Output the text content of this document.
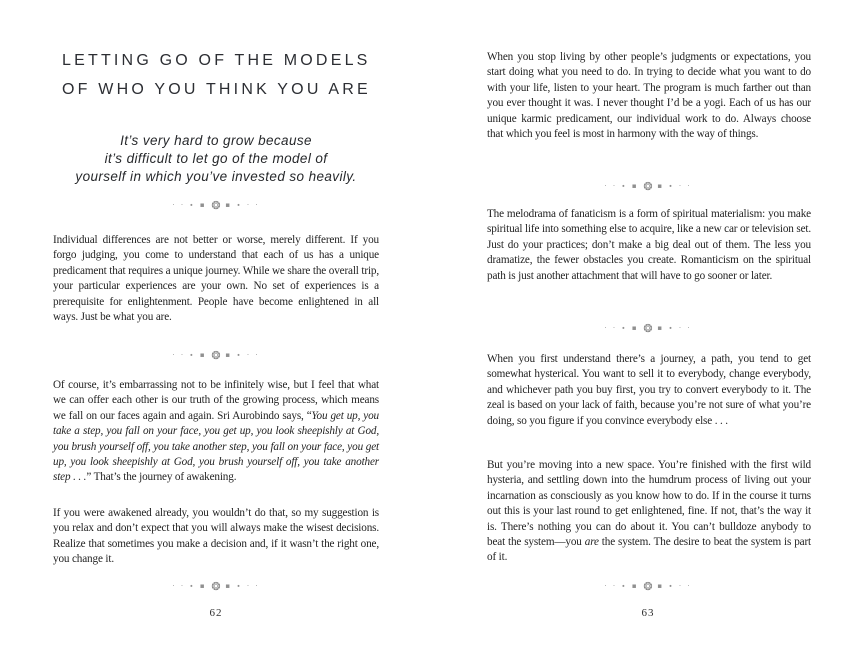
LETTING GO OF THE MODELS
OF WHO YOU THINK YOU ARE
It’s very hard to grow because
it’s difficult to let go of the model of
yourself in which you’ve invested so heavily.
· · ∙ ▪ ❂ ▪ ∙ · ·
Individual differences are not better or worse, merely different. If you forgo judging, you come to understand that each of us has a unique predicament that requires a unique journey. While we share the overall trip, your particular experiences are your own. No set of experiences is a prerequisite for enlightenment. People have become enlightened in all ways. Just be what you are.
· · ∙ ▪ ❂ ▪ ∙ · ·
Of course, it’s embarrassing not to be infinitely wise, but I feel that what we can offer each other is our truth of the growing process, which means we fall on our faces again and again. Sri Aurobindo says, “You get up, you take a step, you fall on your face, you get up, you look sheepishly at God, you brush yourself off, you take another step, you fall on your face, you get up, you look sheepishly at God, you brush yourself off, you take another step . . .” That’s the journey of awakening.
If you were awakened already, you wouldn’t do that, so my suggestion is you relax and don’t expect that you will always make the wisest decisions. Realize that sometimes you make a decision and, if it wasn’t the right one, you change it.
· · ∙ ▪ ❂ ▪ ∙ · ·
62
When you stop living by other people’s judgments or expectations, you start doing what you need to do. In trying to decide what you want to do with your life, listen to your heart. The program is much farther out than you ever thought it was. I never thought I’d be a yogi. Each of us has our unique karmic predicament, our individual work to do. Always choose that which you feel is most in harmony with the way of things.
· · ∙ ▪ ❂ ▪ ∙ · ·
The melodrama of fanaticism is a form of spiritual materialism: you make spiritual life into something else to acquire, like a new car or television set. Just do your practices; don’t make a big deal out of them. The less you dramatize, the fewer obstacles you create. Romanticism on the spiritual path is just another attachment that will have to go sooner or later.
· · ∙ ▪ ❂ ▪ ∙ · ·
When you first understand there’s a journey, a path, you tend to get somewhat hysterical. You want to sell it to everybody, change everybody, and whichever path you buy first, you try to convert everybody to it. The zeal is based on your lack of faith, because you’re not sure of what you’re doing, so you figure if you convince everybody else . . .
But you’re moving into a new space. You’re finished with the first wild hysteria, and settling down into the humdrum process of living out your incarnation as consciously as you know how to do. If in the course it turns out this is your last round to get enlightened, fine. If not, that’s the way it is. There’s nothing you can do about it. You can’t bulldoze anybody to beat the system—you are the system. The desire to beat the system is part of it.
· · ∙ ▪ ❂ ▪ ∙ · ·
63
